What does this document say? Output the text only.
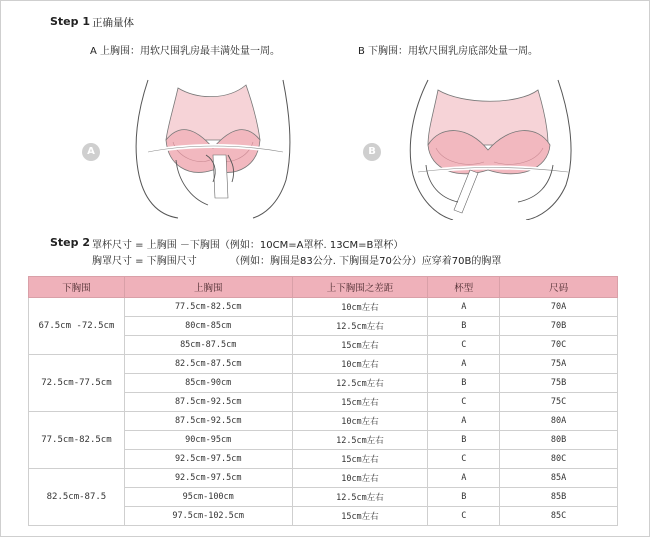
Step 1 正确量体
A 上胸围：用软尺围乳房最丰满处量一周。	B 下胸围：用软尺围乳房底部处量一周。
A	B
Step 2 罩杯尺寸 = 上胸围 －下胸围（例如：10CM=A罩杯. 13CM=B罩杯）
胸罩尺寸 = 下胸围尺寸	（例如：胸围是83公分. 下胸围是70公分）应穿着70B的胸罩
下胸围	上胸围	上下胸围之差距	杯型	尺码
67.5cm -72.5cm	77.5cm-82.5cm	10cm左右	A	70A
	80cm-85cm	12.5cm左右	B	70B
	85cm-87.5cm	15cm左右	C	70C
72.5cm-77.5cm	82.5cm-87.5cm	10cm左右	A	75A
	85cm-90cm	12.5cm左右	B	75B
	87.5cm-92.5cm	15cm左右	C	75C
77.5cm-82.5cm	87.5cm-92.5cm	10cm左右	A	80A
	90cm-95cm	12.5cm左右	B	80B
	92.5cm-97.5cm	15cm左右	C	80C
82.5cm-87.5	92.5cm-97.5cm	10cm左右	A	85A
	95cm-100cm	12.5cm左右	B	85B
	97.5cm-102.5cm	15cm左右	C	85C
